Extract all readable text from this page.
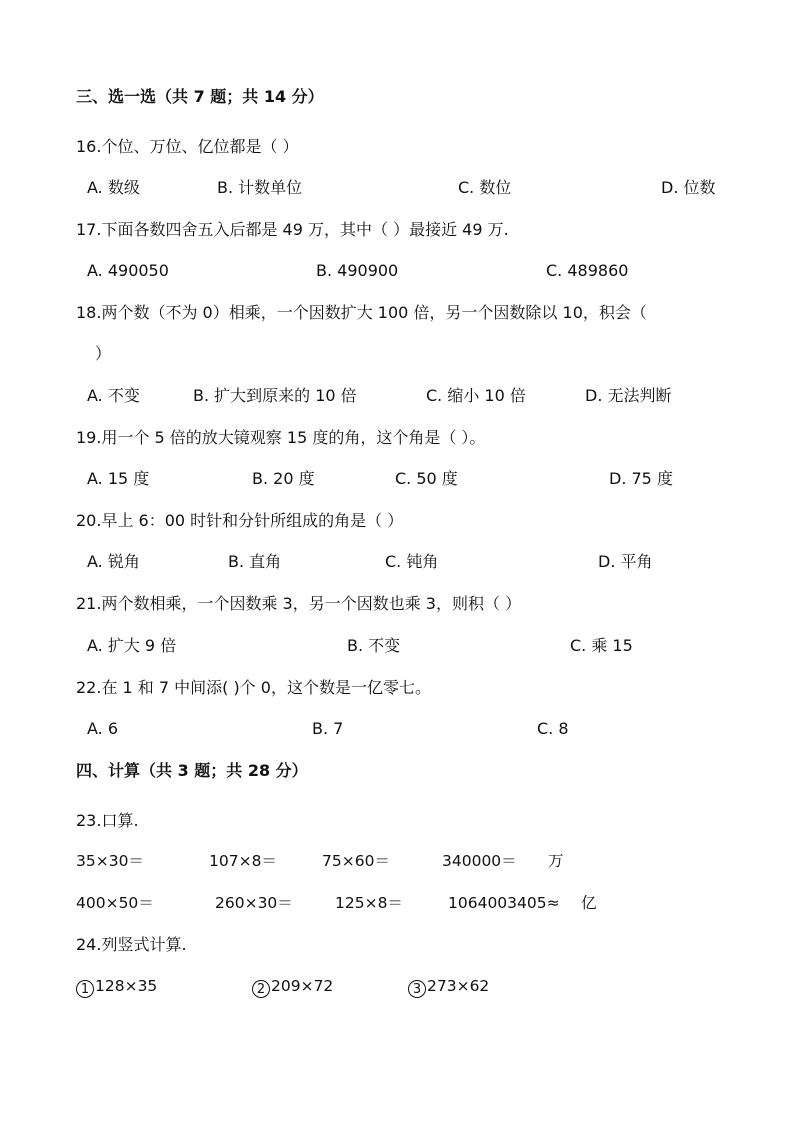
三、选一选（共 7 题；共 14 分）
16.个位、万位、亿位都是（ ）
A. 数级	B. 计数单位	C. 数位	D. 位数
17.下面各数四舍五入后都是 49 万，其中（ ）最接近 49 万.
A. 490050	B. 490900	C. 489860
18.两个数（不为 0）相乘，一个因数扩大 100 倍，另一个因数除以 10，积会（
）
A. 不变	B. 扩大到原来的 10 倍	C. 缩小 10 倍	D. 无法判断
19.用一个 5 倍的放大镜观察 15 度的角，这个角是（ ）。
A. 15 度	B. 20 度	C. 50 度	D. 75 度
20.早上 6：00 时针和分针所组成的角是（ ）
A. 锐角	B. 直角	C. 钝角	D. 平角
21.两个数相乘，一个因数乘 3，另一个因数也乘 3，则积（ ）
A. 扩大 9 倍	B. 不变	C. 乘 15
22.在 1 和 7 中间添( )个 0，这个数是一亿零七。
A. 6	B. 7	C. 8
四、计算（共 3 题；共 28 分）
23.口算.
35×30＝	107×8＝	75×60＝	340000＝ 万
400×50＝	260×30＝	125×8＝	1064003405≈ 亿
24.列竖式计算.
1 128×35	2 209×72	3 273×62
